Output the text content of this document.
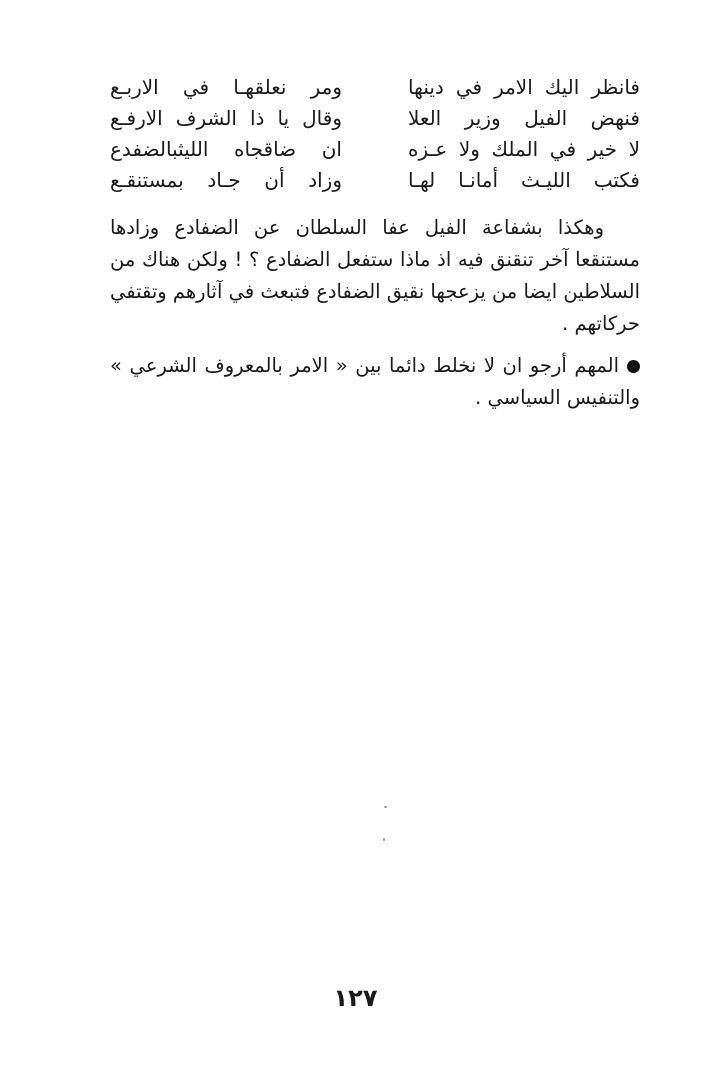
فانظر اليك الامر في دينها
ومر نعلقهـا في الاربـع
فنهض الفيل وزير العلا
وقال يا ذا الشرف الارفـع
لا خير في الملك ولا عـزه
ان ضاقجاه الليثبالضفدع
فكتب الليـث أمانـا لهـا
وزاد أن جـاد بمستنقـع

وهكذا بشفاعة الفيل عفا السلطان عن الضفادع وزادها مستنقعا آخر تنقنق فيه اذ ماذا ستفعل الضفادع ؟ ! ولكن هناك من السلاطين ايضا من يزعجها نقيق الضفادع فتبعث في آثارهم وتقتفي حركاتهم .

المهم أرجو ان لا نخلط دائما بين « الامر بالمعروف الشرعي » والتنفيس السياسي .

١٢٧
